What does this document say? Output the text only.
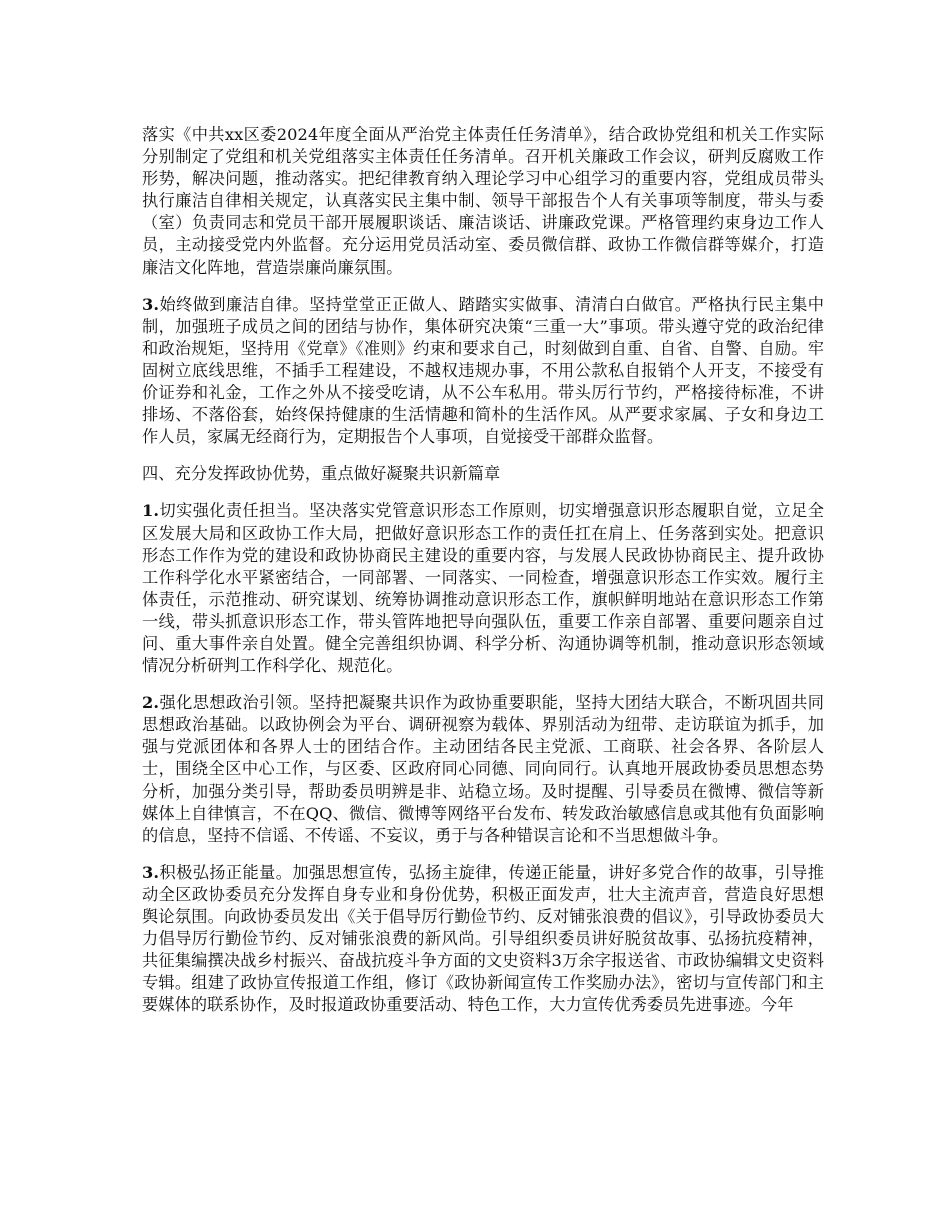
落实《中共xx区委2024年度全面从严治党主体责任任务清单》，结合政协党组和机关工作实际分别制定了党组和机关党组落实主体责任任务清单。召开机关廉政工作会议，研判反腐败工作形势，解决问题，推动落实。把纪律教育纳入理论学习中心组学习的重要内容，党组成员带头执行廉洁自律相关规定，认真落实民主集中制、领导干部报告个人有关事项等制度，带头与委（室）负责同志和党员干部开展履职谈话、廉洁谈话、讲廉政党课。严格管理约束身边工作人员，主动接受党内外监督。充分运用党员活动室、委员微信群、政协工作微信群等媒介，打造廉洁文化阵地，营造崇廉尚廉氛围。

3.始终做到廉洁自律。坚持堂堂正正做人、踏踏实实做事、清清白白做官。严格执行民主集中制，加强班子成员之间的团结与协作，集体研究决策“三重一大”事项。带头遵守党的政治纪律和政治规矩，坚持用《党章》《准则》约束和要求自己，时刻做到自重、自省、自警、自励。牢固树立底线思维，不插手工程建设，不越权违规办事，不用公款私自报销个人开支，不接受有价证券和礼金，工作之外从不接受吃请，从不公车私用。带头厉行节约，严格接待标准，不讲排场、不落俗套，始终保持健康的生活情趣和简朴的生活作风。从严要求家属、子女和身边工作人员，家属无经商行为，定期报告个人事项，自觉接受干部群众监督。

四、充分发挥政协优势，重点做好凝聚共识新篇章

1.切实强化责任担当。坚决落实党管意识形态工作原则，切实增强意识形态履职自觉，立足全区发展大局和区政协工作大局，把做好意识形态工作的责任扛在肩上、任务落到实处。把意识形态工作作为党的建设和政协协商民主建设的重要内容，与发展人民政协协商民主、提升政协工作科学化水平紧密结合，一同部署、一同落实、一同检查，增强意识形态工作实效。履行主体责任，示范推动、研究谋划、统筹协调推动意识形态工作，旗帜鲜明地站在意识形态工作第一线，带头抓意识形态工作，带头管阵地把导向强队伍，重要工作亲自部署、重要问题亲自过问、重大事件亲自处置。健全完善组织协调、科学分析、沟通协调等机制，推动意识形态领域情况分析研判工作科学化、规范化。

2.强化思想政治引领。坚持把凝聚共识作为政协重要职能，坚持大团结大联合，不断巩固共同思想政治基础。以政协例会为平台、调研视察为载体、界别活动为纽带、走访联谊为抓手，加强与党派团体和各界人士的团结合作。主动团结各民主党派、工商联、社会各界、各阶层人士，围绕全区中心工作，与区委、区政府同心同德、同向同行。认真地开展政协委员思想态势分析，加强分类引导，帮助委员明辨是非、站稳立场。及时提醒、引导委员在微博、微信等新媒体上自律慎言，不在QQ、微信、微博等网络平台发布、转发政治敏感信息或其他有负面影响的信息，坚持不信谣、不传谣、不妄议，勇于与各种错误言论和不当思想做斗争。

3.积极弘扬正能量。加强思想宣传，弘扬主旋律，传递正能量，讲好多党合作的故事，引导推动全区政协委员充分发挥自身专业和身份优势，积极正面发声，壮大主流声音，营造良好思想舆论氛围。向政协委员发出《关于倡导厉行勤俭节约、反对铺张浪费的倡议》，引导政协委员大力倡导厉行勤俭节约、反对铺张浪费的新风尚。引导组织委员讲好脱贫故事、弘扬抗疫精神，共征集编撰决战乡村振兴、奋战抗疫斗争方面的文史资料3万余字报送省、市政协编辑文史资料专辑。组建了政协宣传报道工作组，修订《政协新闻宣传工作奖励办法》，密切与宣传部门和主要媒体的联系协作，及时报道政协重要活动、特色工作，大力宣传优秀委员先进事迹。今年
